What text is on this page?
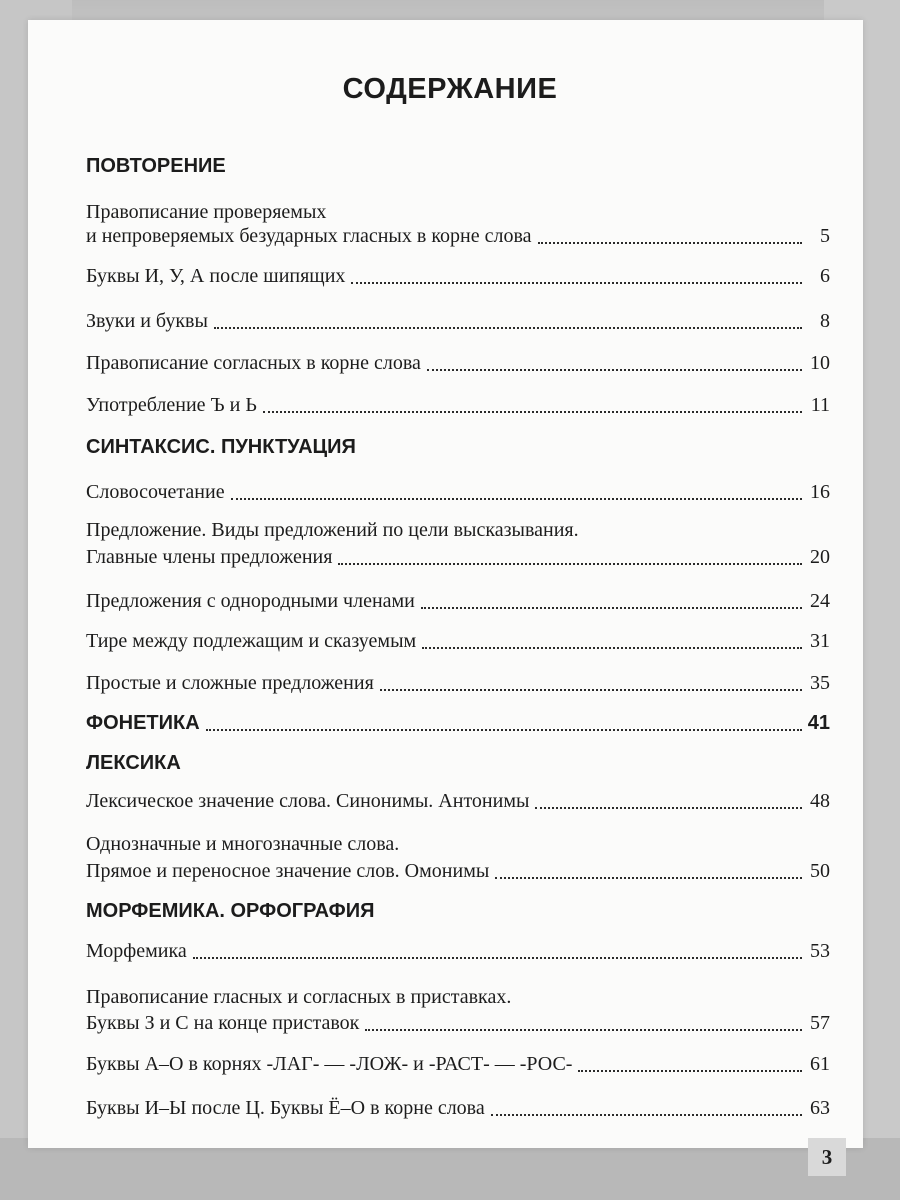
СОДЕРЖАНИЕ
ПОВТОРЕНИЕ
Правописание проверяемых
и непроверяемых безударных гласных в корне слова	5
Буквы И, У, А после шипящих	6
Звуки и буквы	8
Правописание согласных в корне слова	10
Употребление Ъ и Ь	11
СИНТАКСИС. ПУНКТУАЦИЯ
Словосочетание	16
Предложение. Виды предложений по цели высказывания.
Главные члены предложения	20
Предложения с однородными членами	24
Тире между подлежащим и сказуемым	31
Простые и сложные предложения	35
ФОНЕТИКА	41
ЛЕКСИКА
Лексическое значение слова. Синонимы. Антонимы	48
Однозначные и многозначные слова.
Прямое и переносное значение слов. Омонимы	50
МОРФЕМИКА. ОРФОГРАФИЯ
Морфемика	53
Правописание гласных и согласных в приставках.
Буквы З и С на конце приставок	57
Буквы А–О в корнях -ЛАГ- — -ЛОЖ- и -РАСТ- — -РОС-	61
Буквы И–Ы после Ц. Буквы Ё–О в корне слова	63
3
